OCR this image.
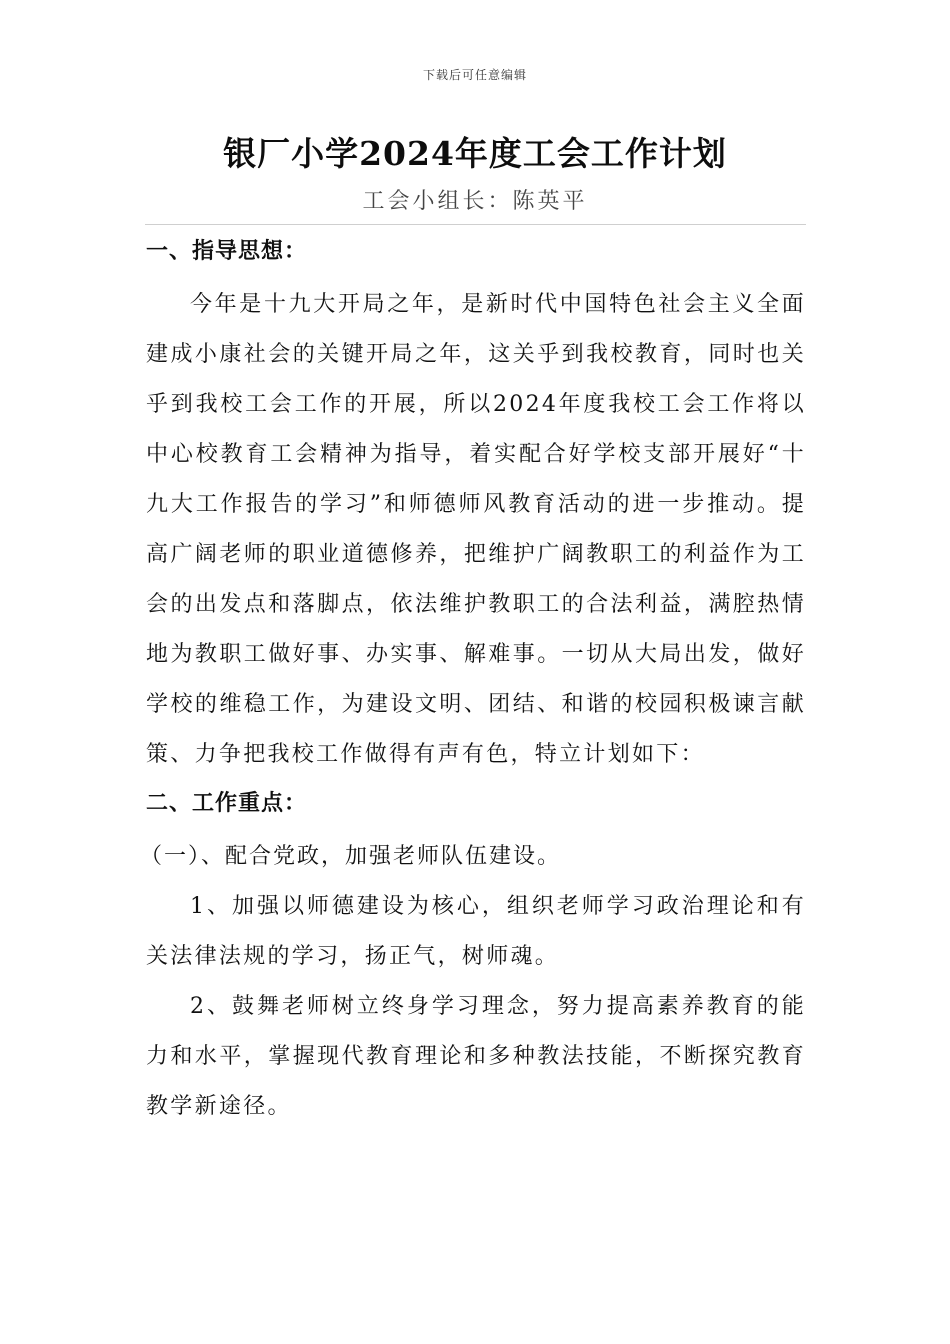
下载后可任意编辑
银厂小学2024年度工会工作计划
工会小组长：陈英平
一、指导思想：

今年是十九大开局之年，是新时代中国特色社会主义全面建成小康社会的关键开局之年，这关乎到我校教育，同时也关乎到我校工会工作的开展，所以2024年度我校工会工作将以中心校教育工会精神为指导，着实配合好学校支部开展好“十九大工作报告的学习”和师德师风教育活动的进一步推动。提高广阔老师的职业道德修养，把维护广阔教职工的利益作为工会的出发点和落脚点，依法维护教职工的合法利益，满腔热情地为教职工做好事、办实事、解难事。一切从大局出发，做好学校的维稳工作，为建设文明、团结、和谐的校园积极谏言献策、力争把我校工作做得有声有色，特立计划如下：

二、工作重点：

（一）、配合党政，加强老师队伍建设。

1、加强以师德建设为核心，组织老师学习政治理论和有关法律法规的学习，扬正气，树师魂。

2、鼓舞老师树立终身学习理念，努力提高素养教育的能力和水平，掌握现代教育理论和多种教法技能，不断探究教育教学新途径。
